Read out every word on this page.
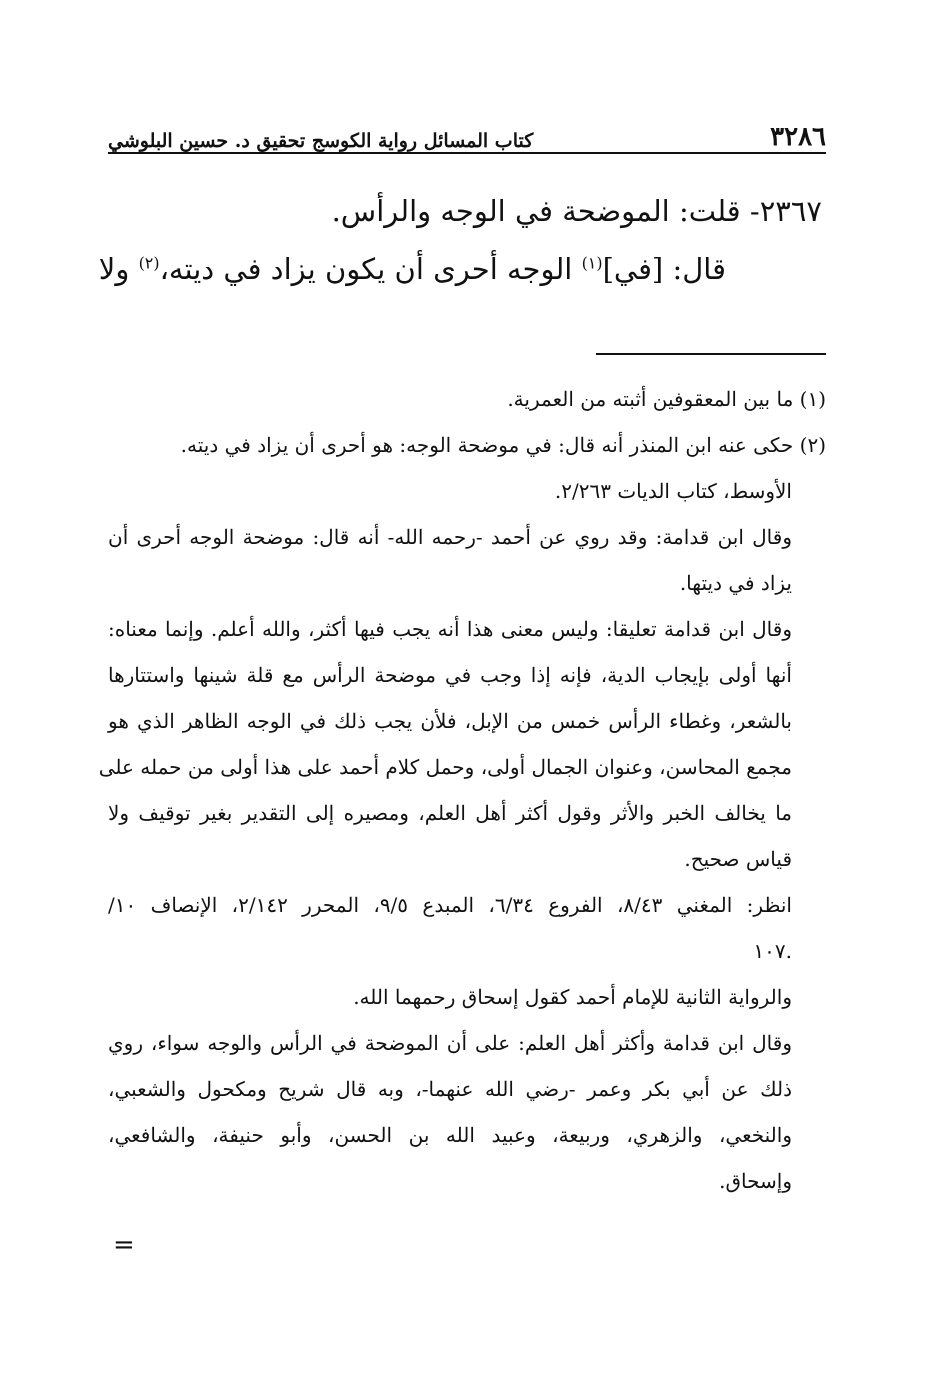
كتاب المسائل رواية الكوسج تحقيق د. حسين البلوشي	٣٢٨٦
٢٣٦٧- قلت: الموضحة في الوجه والرأس.
قال: [في]$^{(١)}$ الوجه أحرى أن يكون يزاد في ديته،$^{(٢)}$ ولا
(١) ما بين المعقوفين أثبته من العمرية.
(٢) حكى عنه ابن المنذر أنه قال: في موضحة الوجه: هو أحرى أن يزاد في ديته.
الأوسط، كتاب الديات ٢/٢٦٣.
وقال ابن قدامة: وقد روي عن أحمد -رحمه الله- أنه قال: موضحة الوجه أحرى أن
يزاد في ديتها.
وقال ابن قدامة تعليقا: وليس معنى هذا أنه يجب فيها أكثر، والله أعلم. وإنما معناه:
أنها أولى بإيجاب الدية، فإنه إذا وجب في موضحة الرأس مع قلة شينها واستتارها
بالشعر، وغطاء الرأس خمس من الإبل، فلأن يجب ذلك في الوجه الظاهر الذي هو
مجمع المحاسن، وعنوان الجمال أولى، وحمل كلام أحمد على هذا أولى من حمله على
ما يخالف الخبر والأثر وقول أكثر أهل العلم، ومصيره إلى التقدير بغير توقيف ولا
قياس صحيح.
انظر: المغني ٨/٤٣، الفروع ٦/٣٤، المبدع ٩/٥، المحرر ٢/١٤٢، الإنصاف ١٠/
١٠٧.
والرواية الثانية للإمام أحمد كقول إسحاق رحمهما الله.
وقال ابن قدامة وأكثر أهل العلم: على أن الموضحة في الرأس والوجه سواء، روي
ذلك عن أبي بكر وعمر -رضي الله عنهما-، وبه قال شريح ومكحول والشعبي،
والنخعي، والزهري، وربيعة، وعبيد الله بن الحسن، وأبو حنيفة، والشافعي،
وإسحاق.
=
